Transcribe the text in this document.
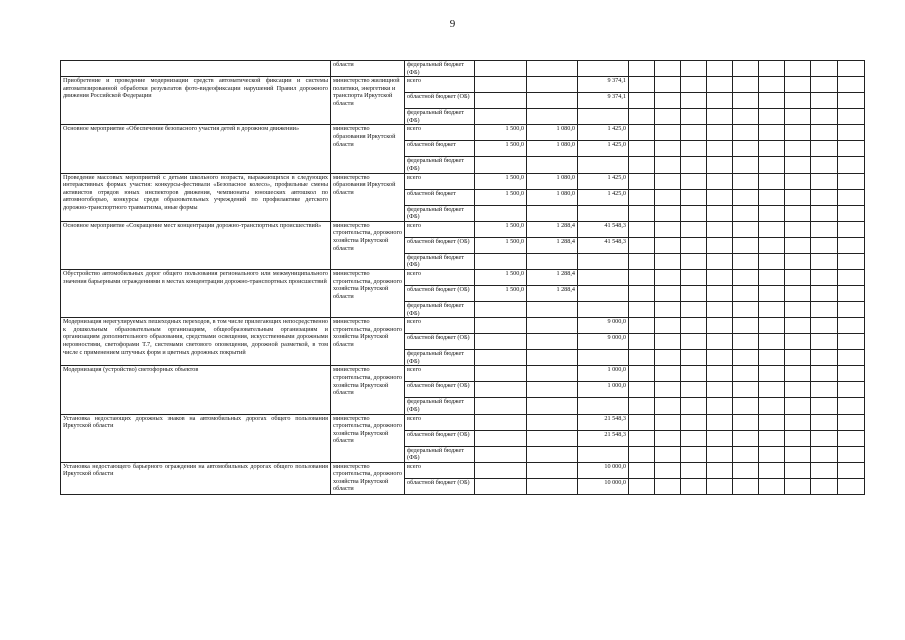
9
	области	федеральный бюджет (ФБ)												
Приобретение и проведение модернизации средств автоматической фиксации и системы автоматизированной обработки результатов фото-видеофиксации нарушений Правил дорожного движения Российской Федерации	министерство жилищной политики, энергетики и транспорта Иркутской области	всего			9 374,1									
		областной бюджет (ОБ)			9 374,1									
		федеральный бюджет (ФБ)												
Основное мероприятие «Обеспечение безопасного участия детей в дорожном движении»	министерство образования Иркутской области	всего	1 500,0	1 080,0	1 425,0									
		областной бюджет	1 500,0	1 080,0	1 425,0									
		федеральный бюджет (ФБ)												
Проведение массовых мероприятий с детьми школьного возраста, выражающихся в следующих интерактивных формах участия: конкурсы-фестивали «Безопасное колесо», профильные смены активистов отрядов юных инспекторов движения, чемпионаты юношеских автошкол по автомногоборью, конкурсы среди образовательных учреждений по профилактике детского дорожно-транспортного травматизма, иные формы	министерство образования Иркутской области	всего	1 500,0	1 080,0	1 425,0									
		областной бюджет	1 500,0	1 080,0	1 425,0									
		федеральный бюджет (ФБ)												
Основное мероприятие «Сокращение мест концентрации дорожно-транспортных происшествий»	министерство строительства, дорожного хозяйства Иркутской области	всего	1 500,0	1 288,4	41 548,3									
		областной бюджет (ОБ)	1 500,0	1 288,4	41 548,3									
		федеральный бюджет (ФБ)												
Обустройство автомобильных дорог общего пользования регионального или межмуниципального значения барьерными ограждениями в местах концентрации дорожно-транспортных происшествий	министерство строительства, дорожного хозяйства Иркутской области	всего	1 500,0	1 288,4										
		областной бюджет (ОБ)	1 500,0	1 288,4										
		федеральный бюджет (ФБ)												
Модернизация нерегулируемых пешеходных переходов, в том числе прилегающих непосредственно к дошкольным образовательным организациям, общеобразовательным организациям и организациям дополнительного образования, средствами освещения, искусственными дорожными неровностями, светофорами Т.7, системами светового оповещения, дорожной разметкой, в том числе с применением штучных форм и цветных дорожных покрытий	министерство строительства, дорожного хозяйства Иркутской области	всего			9 000,0									
		областной бюджет (ОБ)			9 000,0									
		федеральный бюджет (ФБ)												
Модернизация (устройство) светофорных объектов	министерство строительства, дорожного хозяйства Иркутской области	всего			1 000,0									
		областной бюджет (ОБ)			1 000,0									
		федеральный бюджет (ФБ)												
Установка недостающих дорожных знаков на автомобильных дорогах общего пользования Иркутской области	министерство строительства, дорожного хозяйства Иркутской области	всего			21 548,3									
		областной бюджет (ОБ)			21 548,3									
		федеральный бюджет (ФБ)												
Установка недостающего барьерного ограждения на автомобильных дорогах общего пользования Иркутской области	министерство строительства, дорожного хозяйства Иркутской области	всего			10 000,0									
		областной бюджет (ОБ)			10 000,0									
